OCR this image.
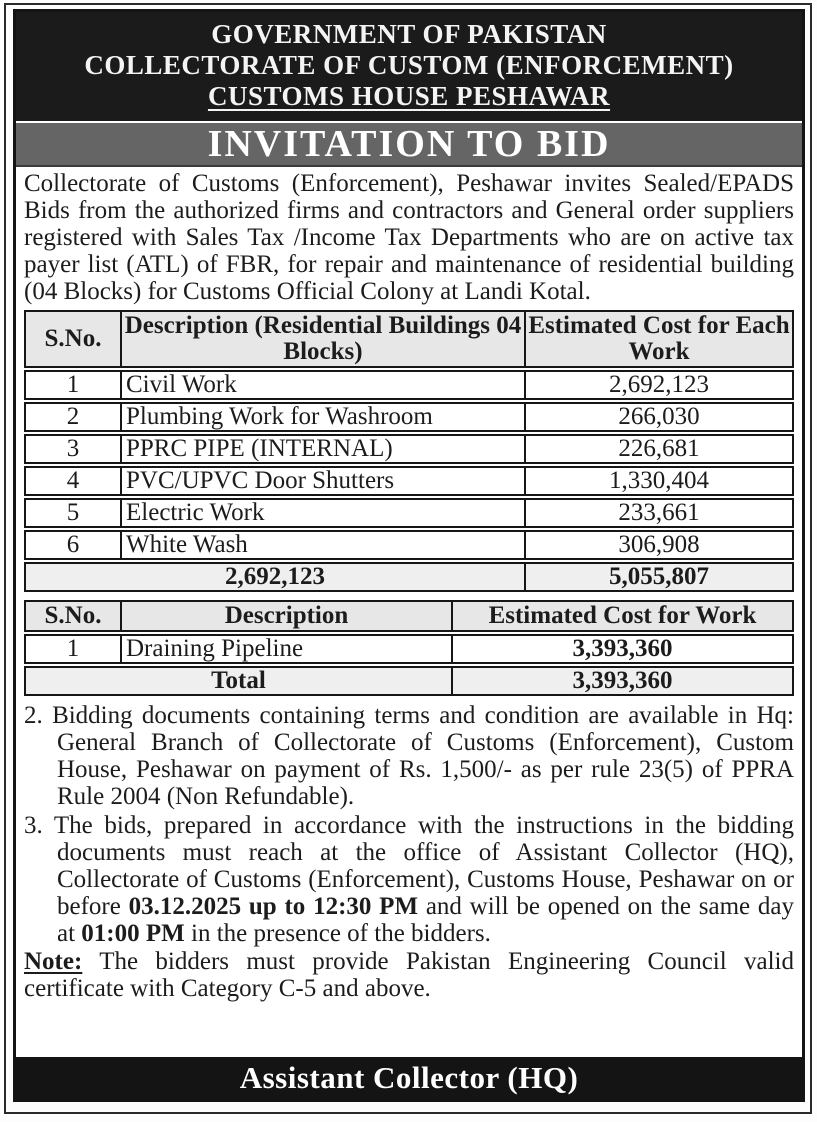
GOVERNMENT OF PAKISTAN
COLLECTORATE OF CUSTOM (ENFORCEMENT)
CUSTOMS HOUSE PESHAWAR
INVITATION TO BID

Collectorate of Customs (Enforcement), Peshawar invites Sealed/EPADS Bids from the authorized firms and contractors and General order suppliers registered with Sales Tax /Income Tax Departments who are on active tax payer list (ATL) of FBR, for repair and maintenance of residential building (04 Blocks) for Customs Official Colony at Landi Kotal.

S.No.	Description (Residential Buildings 04 Blocks)	Estimated Cost for Each Work
1	Civil Work	2,692,123
2	Plumbing Work for Washroom	266,030
3	PPRC PIPE (INTERNAL)	226,681
4	PVC/UPVC Door Shutters	1,330,404
5	Electric Work	233,661
6	White Wash	306,908
2,692,123		5,055,807
S.No.	Description	Estimated Cost for Work
1	Draining Pipeline	3,393,360
Total		3,393,360

2. Bidding documents containing terms and condition are available in Hq: General Branch of Collectorate of Customs (Enforcement), Custom House, Peshawar on payment of Rs. 1,500/- as per rule 23(5) of PPRA Rule 2004 (Non Refundable).

3. The bids, prepared in accordance with the instructions in the bidding documents must reach at the office of Assistant Collector (HQ), Collectorate of Customs (Enforcement), Customs House, Peshawar on or before 03.12.2025 up to 12:30 PM and will be opened on the same day at 01:00 PM in the presence of the bidders.

Note: The bidders must provide Pakistan Engineering Council valid certificate with Category C-5 and above.

Assistant Collector (HQ)
